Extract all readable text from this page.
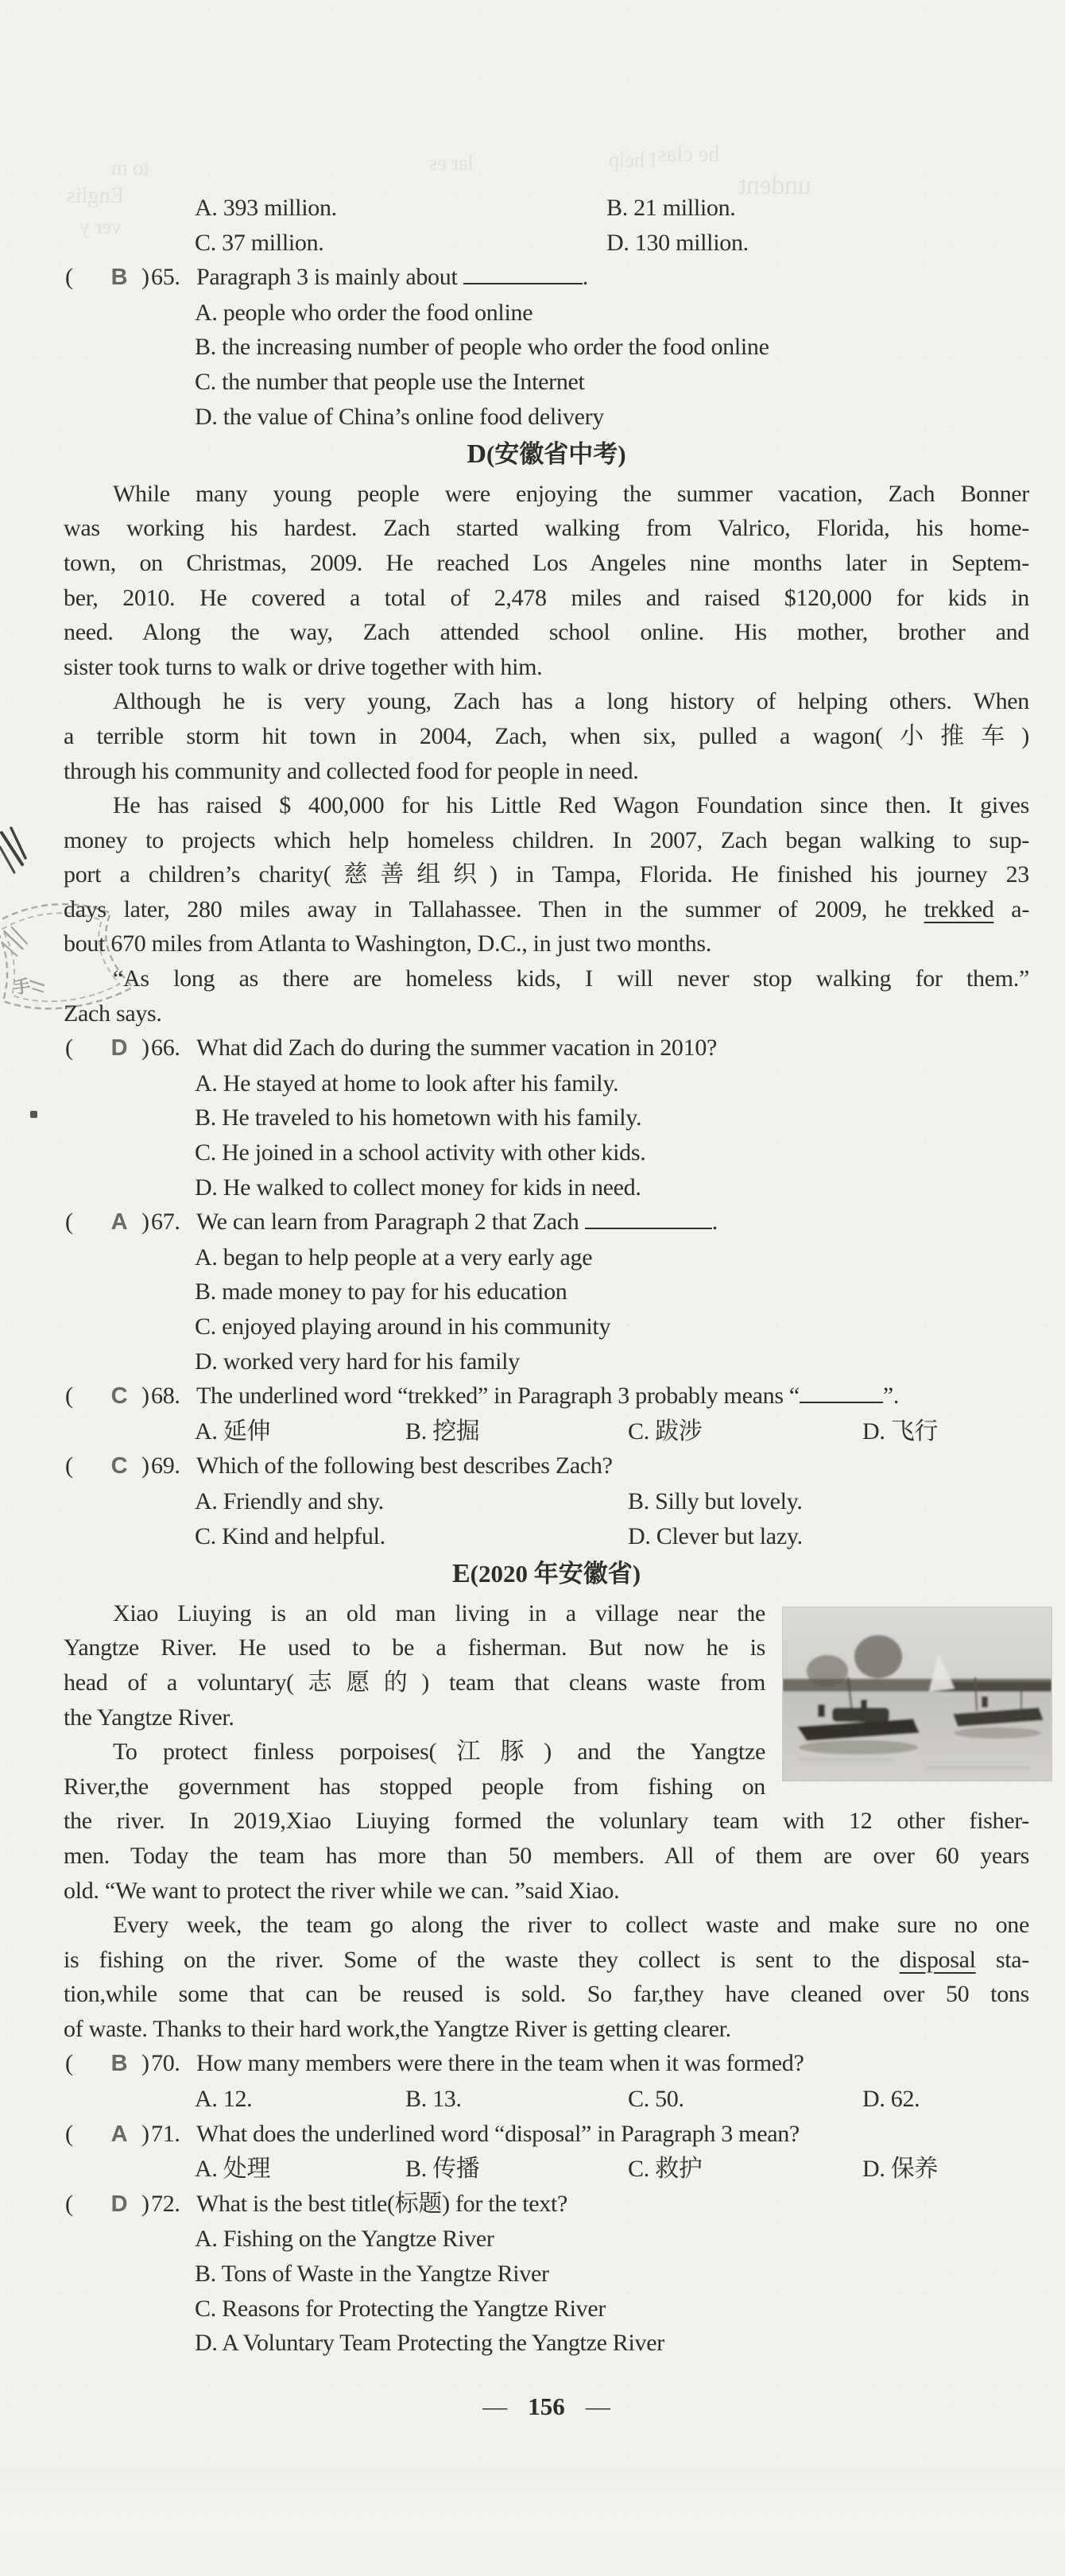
undent
he clas
to m	lar es	I help
Englis
ver y
手
A. 393 million.	B. 21 million.
C. 37 million.	D. 130 million.
(	B ) 65. Paragraph 3 is mainly about	.
A. people who order the food online
B. the increasing number of people who order the food online
C. the number that people use the Internet
D. the value of China’s online food delivery
D(安徽省中考)
While many young people were enjoying the summer vacation, Zach Bonner
was working his hardest. Zach started walking from Valrico, Florida, his home-
town, on Christmas, 2009. He reached Los Angeles nine months later in Septem-
ber, 2010. He covered a total of 2,478 miles and raised $120,000 for kids in
need. Along the way, Zach attended school online. His mother, brother and
sister took turns to walk or drive together with him.
Although he is very young, Zach has a long history of helping others. When
a terrible storm hit town in 2004, Zach, when six, pulled a wagon(小推车)
through his community and collected food for people in need.
He has raised $ 400,000 for his Little Red Wagon Foundation since then. It gives
money to projects which help homeless children. In 2007, Zach began walking to sup-
port a children’s charity(慈善组织) in Tampa, Florida. He finished his journey 23
days later, 280 miles away in Tallahassee. Then in the summer of 2009, he trekked a-
bout 670 miles from Atlanta to Washington, D.C., in just two months.
“As long as there are homeless kids, I will never stop walking for them.”
Zach says.
(	D ) 66. What did Zach do during the summer vacation in 2010?
A. He stayed at home to look after his family.
B. He traveled to his hometown with his family.
C. He joined in a school activity with other kids.
D. He walked to collect money for kids in need.
(	A ) 67. We can learn from Paragraph 2 that Zach	.
A. began to help people at a very early age
B. made money to pay for his education
C. enjoyed playing around in his community
D. worked very hard for his family
(	C ) 68. The underlined word “trekked” in Paragraph 3 probably means “	”.
A. 延伸	B. 挖掘	C. 跋涉	D. 飞行
(	C ) 69. Which of the following best describes Zach?
A. Friendly and shy.	B. Silly but lovely.
C. Kind and helpful.	D. Clever but lazy.
E(2020 年安徽省)
Xiao Liuying is an old man living in a village near the
Yangtze River. He used to be a fisherman. But now he is
head of a voluntary(志愿的) team that cleans waste from
the Yangtze River.
To protect finless porpoises(江豚) and the Yangtze
River,the government has stopped people from fishing on
the river. In 2019,Xiao Liuying formed the volunlary team with 12 other fisher-
men. Today the team has more than 50 members. All of them are over 60 years
old. “We want to protect the river while we can. ”said Xiao.
Every week, the team go along the river to collect waste and make sure no one
is fishing on the river. Some of the waste they collect is sent to the disposal sta-
tion,while some that can be reused is sold. So far,they have cleaned over 50 tons
of waste. Thanks to their hard work,the Yangtze River is getting clearer.
(	B ) 70. How many members were there in the team when it was formed?
A. 12.	B. 13.	C. 50.	D. 62.
(	A ) 71. What does the underlined word “disposal” in Paragraph 3 mean?
A. 处理	B. 传播	C. 救护	D. 保养
(	D ) 72. What is the best title(标题) for the text?
A. Fishing on the Yangtze River
B. Tons of Waste in the Yangtze River
C. Reasons for Protecting the Yangtze River
D. A Voluntary Team Protecting the Yangtze River
— 156 —
